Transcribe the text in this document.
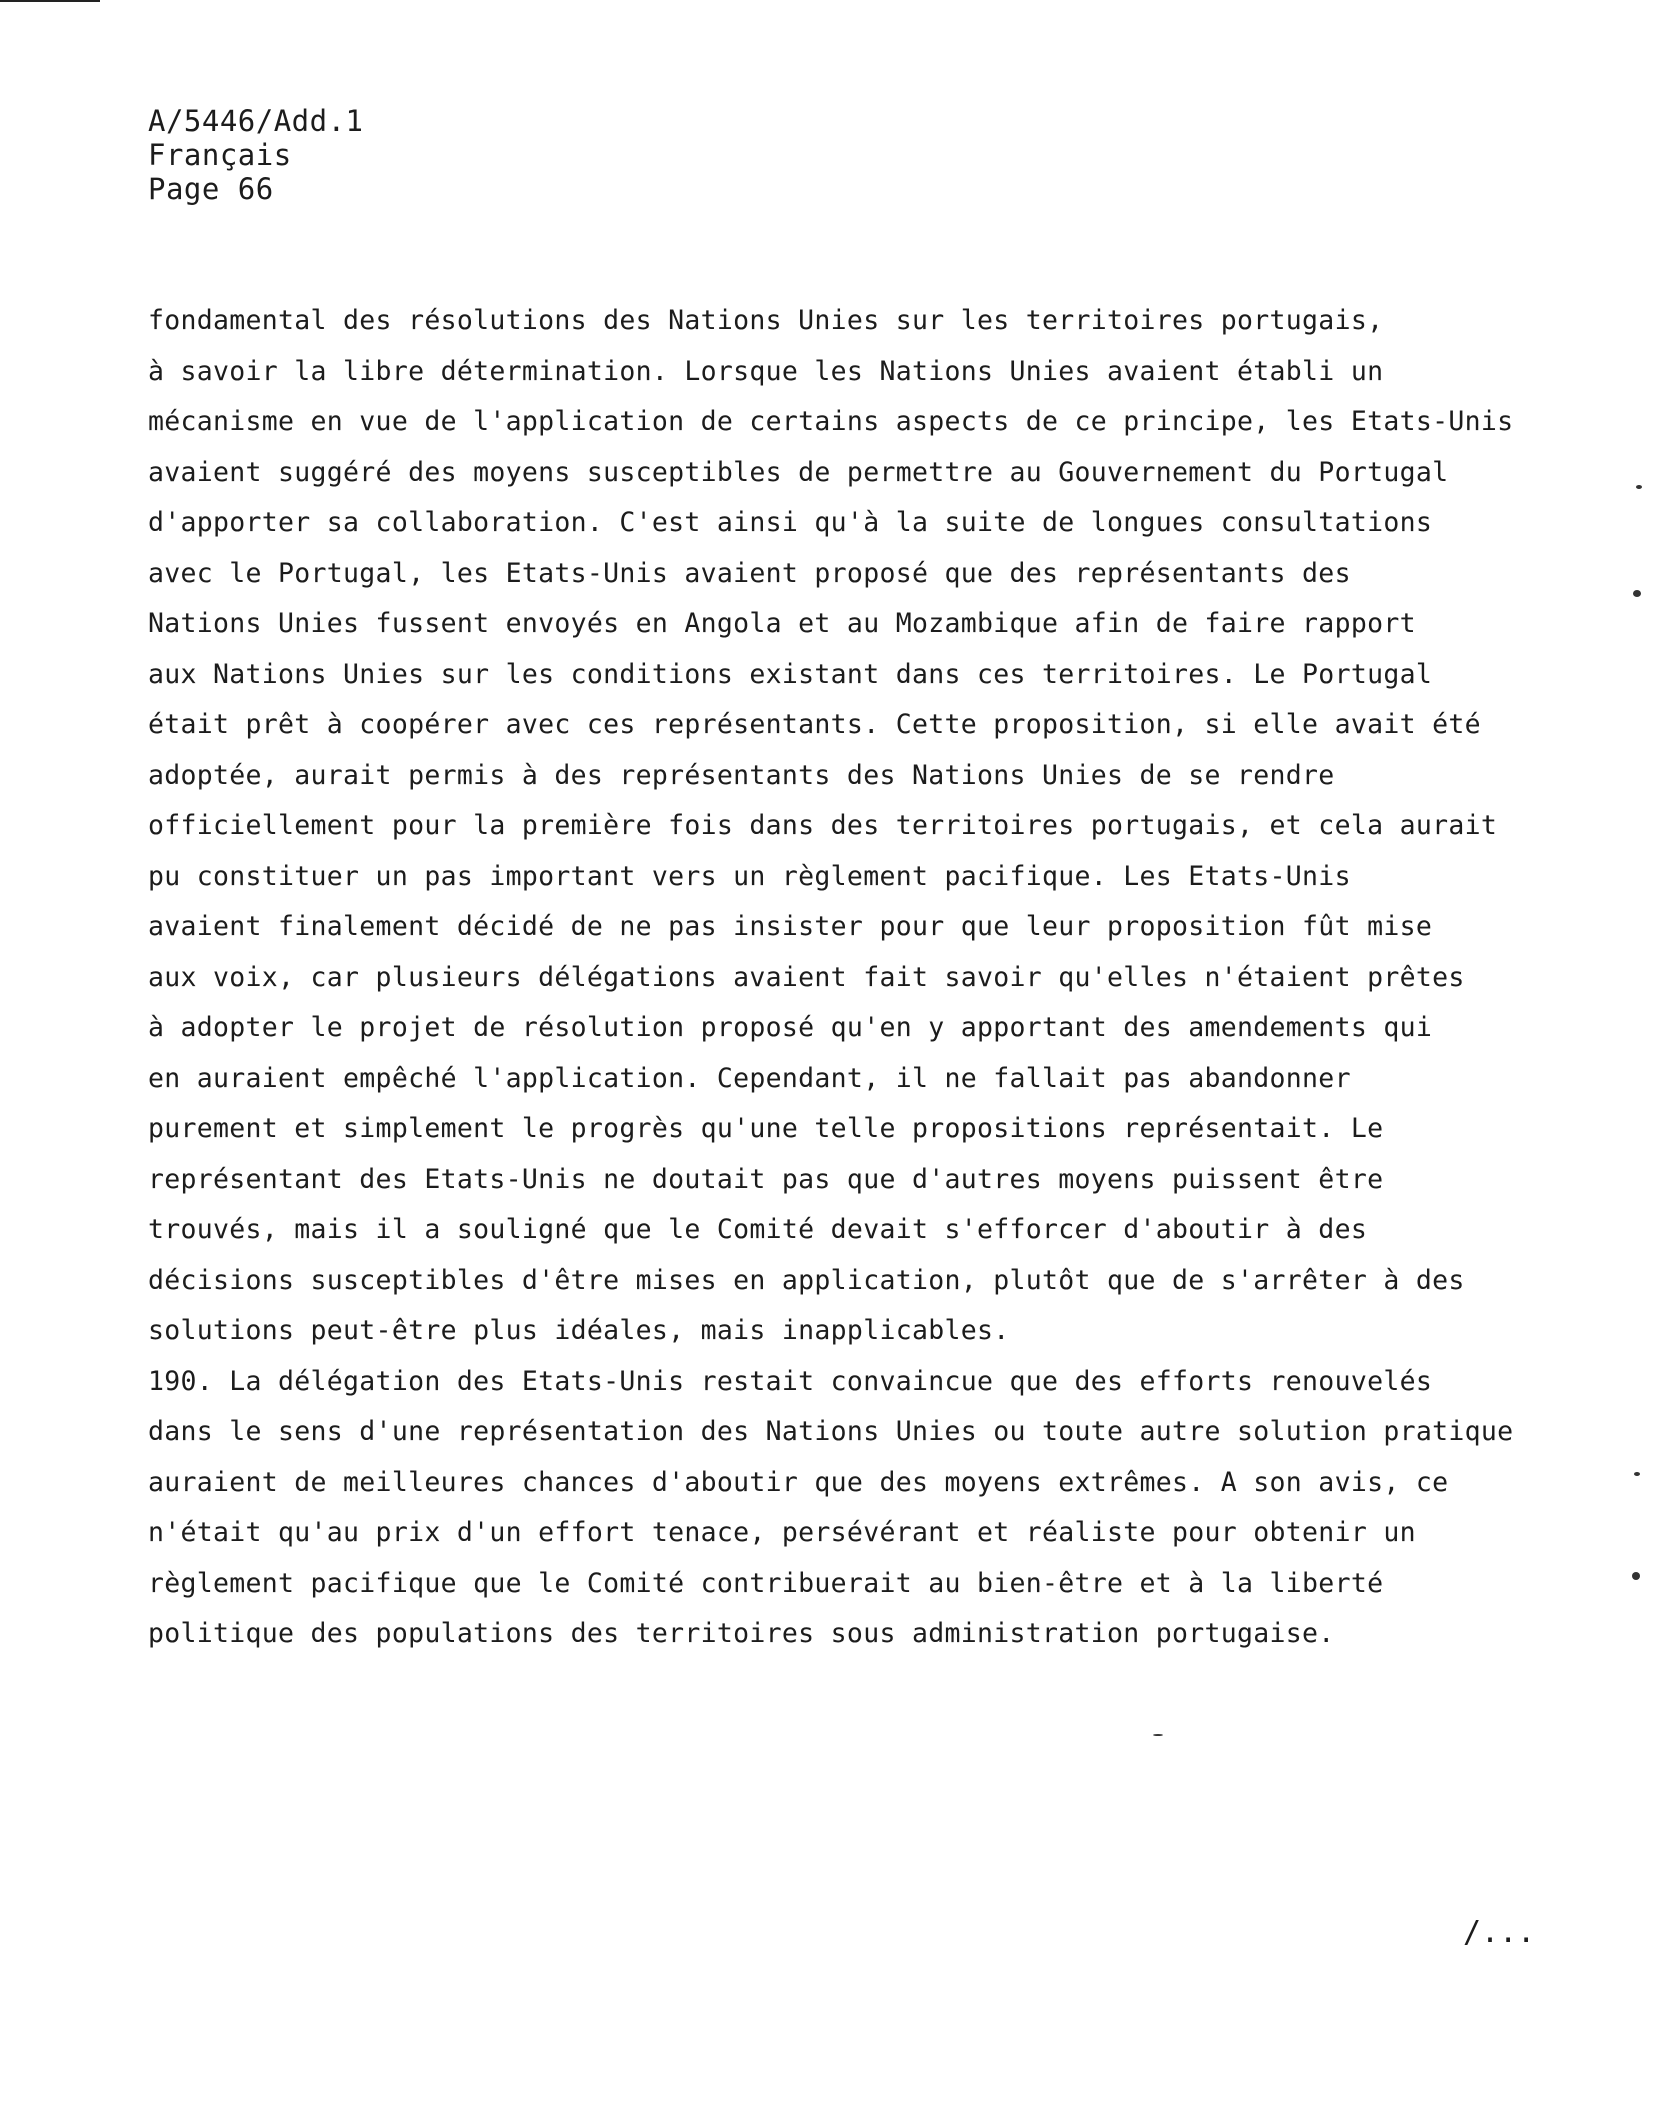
A/5446/Add.1
Français
Page 66
fondamental des résolutions des Nations Unies sur les territoires portugais,
à savoir la libre détermination. Lorsque les Nations Unies avaient établi un
mécanisme en vue de l'application de certains aspects de ce principe, les Etats-Unis
avaient suggéré des moyens susceptibles de permettre au Gouvernement du Portugal
d'apporter sa collaboration. C'est ainsi qu'à la suite de longues consultations
avec le Portugal, les Etats-Unis avaient proposé que des représentants des
Nations Unies fussent envoyés en Angola et au Mozambique afin de faire rapport
aux Nations Unies sur les conditions existant dans ces territoires. Le Portugal
était prêt à coopérer avec ces représentants. Cette proposition, si elle avait été
adoptée, aurait permis à des représentants des Nations Unies de se rendre
officiellement pour la première fois dans des territoires portugais, et cela aurait
pu constituer un pas important vers un règlement pacifique. Les Etats-Unis
avaient finalement décidé de ne pas insister pour que leur proposition fût mise
aux voix, car plusieurs délégations avaient fait savoir qu'elles n'étaient prêtes
à adopter le projet de résolution proposé qu'en y apportant des amendements qui
en auraient empêché l'application. Cependant, il ne fallait pas abandonner
purement et simplement le progrès qu'une telle propositions représentait. Le
représentant des Etats-Unis ne doutait pas que d'autres moyens puissent être
trouvés, mais il a souligné que le Comité devait s'efforcer d'aboutir à des
décisions susceptibles d'être mises en application, plutôt que de s'arrêter à des
solutions peut-être plus idéales, mais inapplicables.
190. La délégation des Etats-Unis restait convaincue que des efforts renouvelés
dans le sens d'une représentation des Nations Unies ou toute autre solution pratique
auraient de meilleures chances d'aboutir que des moyens extrêmes. A son avis, ce
n'était qu'au prix d'un effort tenace, persévérant et réaliste pour obtenir un
règlement pacifique que le Comité contribuerait au bien-être et à la liberté
politique des populations des territoires sous administration portugaise.
/...
